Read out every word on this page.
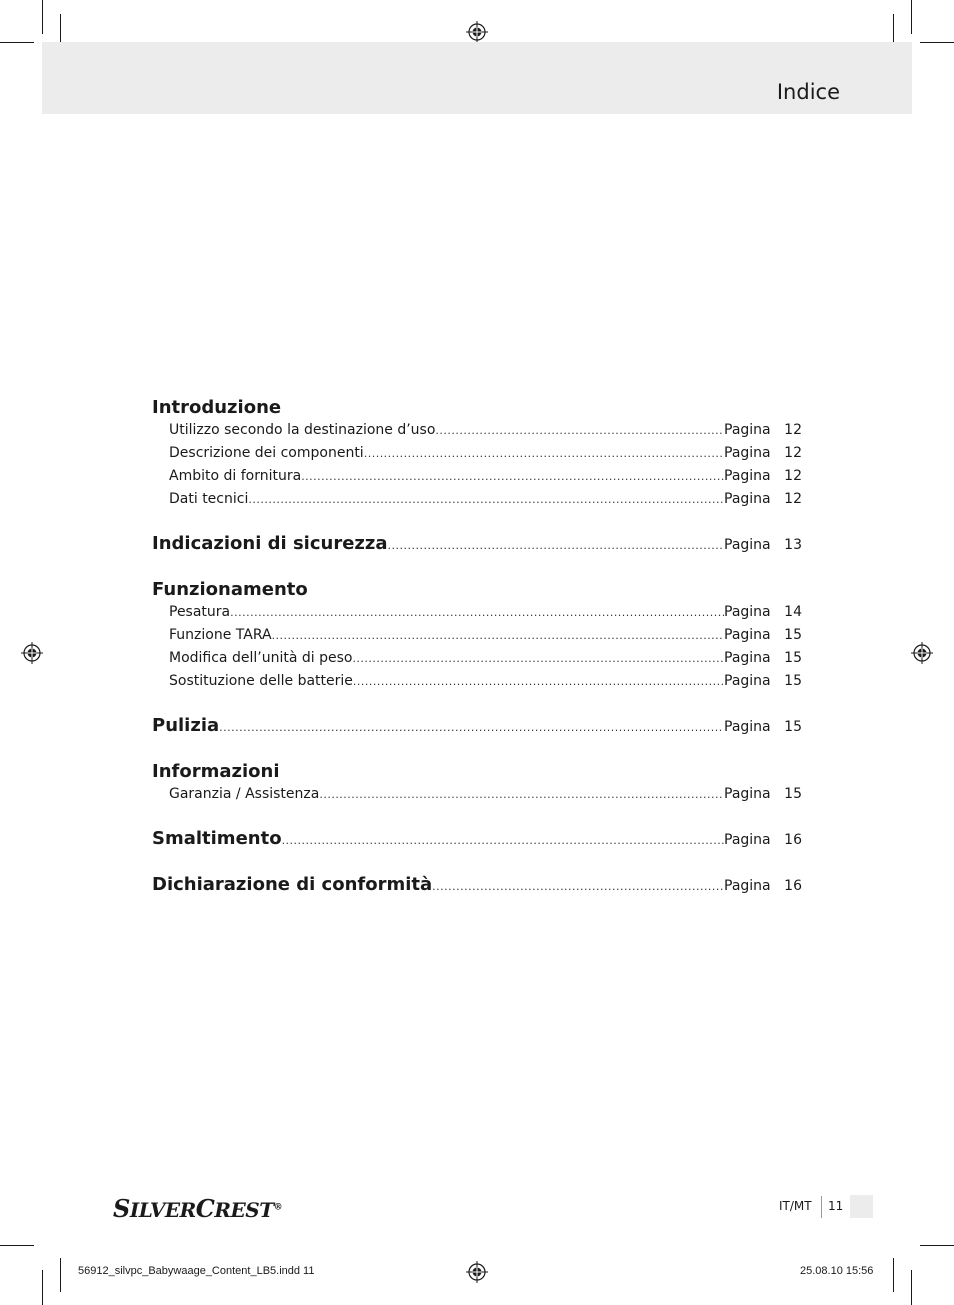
Indice
Introduzione
Utilizzo secondo la destinazione d’uso .....	Pagina 12
Descrizione dei componenti .....	Pagina 12
Ambito di fornitura .....	Pagina 12
Dati tecnici .....	Pagina 12
Indicazioni di sicurezza .....	Pagina 13
Funzionamento
Pesatura .....	Pagina 14
Funzione TARA .....	Pagina 15
Modifica dell’unità di peso .....	Pagina 15
Sostituzione delle batterie .....	Pagina 15
Pulizia .....	Pagina 15
Informazioni
Garanzia / Assistenza .....	Pagina 15
Smaltimento .....	Pagina 16
Dichiarazione di conformità .....	Pagina 16
SILVERCREST®	IT/MT 11
56912_silvpc_Babywaage_Content_LB5.indd 11	25.08.10 15:56
